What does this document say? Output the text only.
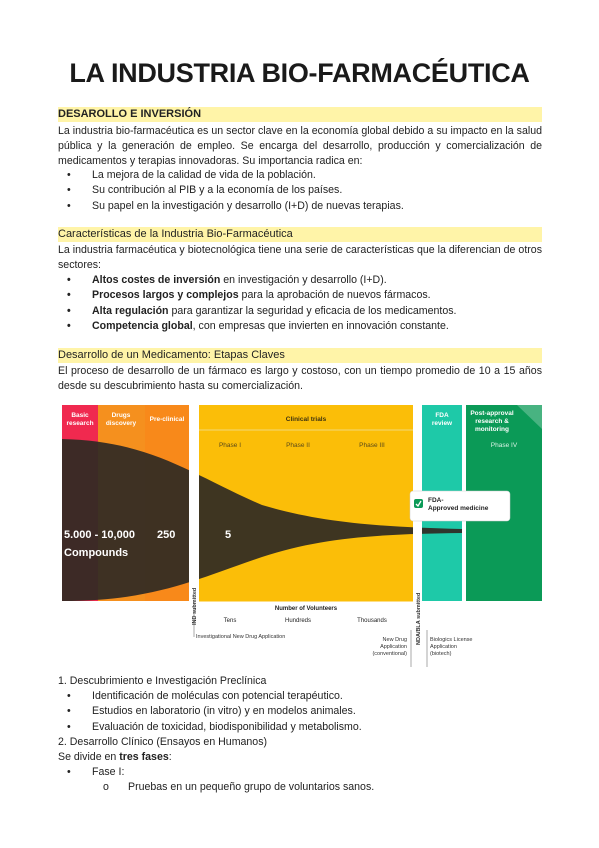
LA INDUSTRIA BIO-FARMACÉUTICA
DESAROLLO E INVERSIÓN
La industria bio-farmacéutica es un sector clave en la economía global debido a su impacto en la salud pública y la generación de empleo. Se encarga del desarrollo, producción y comercialización de medicamentos y terapias innovadoras. Su importancia radica en:
• La mejora de la calidad de vida de la población.
• Su contribución al PIB y a la economía de los países.
• Su papel en la investigación y desarrollo (I+D) de nuevas terapias.
Características de la Industria Bio-Farmacéutica
La industria farmacéutica y biotecnológica tiene una serie de características que la diferencian de otros sectores:
• Altos costes de inversión en investigación y desarrollo (I+D).
• Procesos largos y complejos para la aprobación de nuevos fármacos.
• Alta regulación para garantizar la seguridad y eficacia de los medicamentos.
• Competencia global, con empresas que invierten en innovación constante.
Desarrollo de un Medicamento: Etapas Claves
El proceso de desarrollo de un fármaco es largo y costoso, con un tiempo promedio de 10 a 15 años desde su descubrimiento hasta su comercialización.
Basic research
Drugs discovery
Pre-clinical
FDA review
Post-approval research & monitoring
Clinical trials
Phase I	Phase II	Phase III	Phase IV
5.000 - 10,000
Compounds
250	5
FDA-Approved medicine
Number of Volunteers
Tens	Hundreds	Thousands
IND submitted	NDA/BLA submitted	FDA approval
Investigational New Drug Application	New Drug Application (conventional)
Biologics License Application (biotech)
1. Descubrimiento e Investigación Preclínica
• Identificación de moléculas con potencial terapéutico.
• Estudios en laboratorio (in vitro) y en modelos animales.
• Evaluación de toxicidad, biodisponibilidad y metabolismo.
2. Desarrollo Clínico (Ensayos en Humanos)
Se divide en tres fases:
• Fase I:
o Pruebas en un pequeño grupo de voluntarios sanos.
